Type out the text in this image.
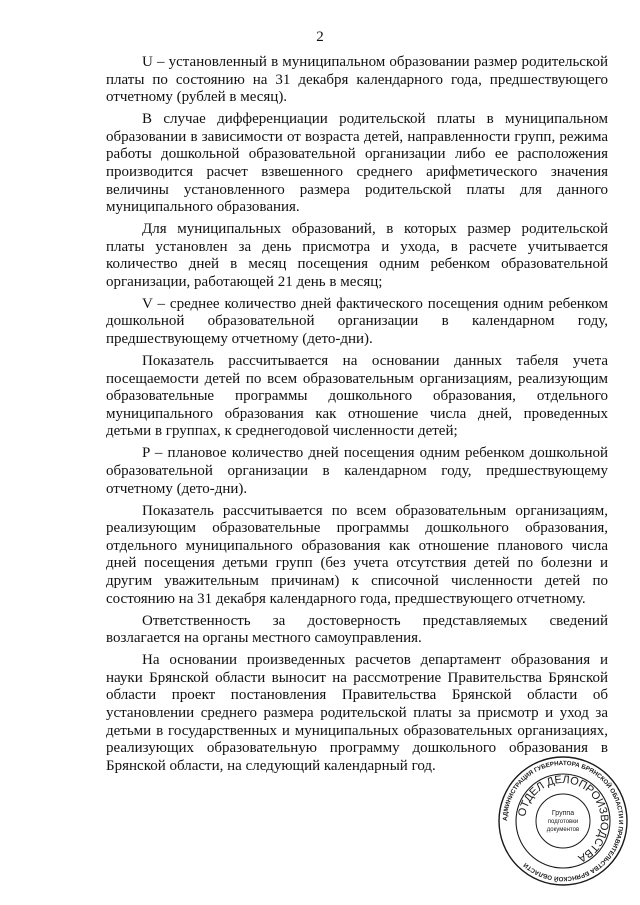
2

U – установленный в муниципальном образовании размер родительской платы по состоянию на 31 декабря календарного года, предшествующего отчетному (рублей в месяц).

В случае дифференциации родительской платы в муниципальном образовании в зависимости от возраста детей, направленности групп, режима работы дошкольной образовательной организации либо ее расположения производится расчет взвешенного среднего арифметического значения величины установленного размера родительской платы для данного муниципального образования.

Для муниципальных образований, в которых размер родительской платы установлен за день присмотра и ухода, в расчете учитывается количество дней в месяц посещения одним ребенком образовательной организации, работающей 21 день в месяц;

V – среднее количество дней фактического посещения одним ребенком дошкольной образовательной организации в календарном году, предшествующему отчетному (дето-дни).

Показатель рассчитывается на основании данных табеля учета посещаемости детей по всем образовательным организациям, реализующим образовательные программы дошкольного образования, отдельного муниципального образования как отношение числа дней, проведенных детьми в группах, к среднегодовой численности детей;

P – плановое количество дней посещения одним ребенком дошкольной образовательной организации в календарном году, предшествующему отчетному (дето-дни).

Показатель рассчитывается по всем образовательным организациям, реализующим образовательные программы дошкольного образования, отдельного муниципального образования как отношение планового числа дней посещения детьми групп (без учета отсутствия детей по болезни и другим уважительным причинам) к списочной численности детей по состоянию на 31 декабря календарного года, предшествующего отчетному.

Ответственность за достоверность представляемых сведений возлагается на органы местного самоуправления.

На основании произведенных расчетов департамент образования и науки Брянской области выносит на рассмотрение Правительства Брянской области проект постановления Правительства Брянской области об установлении среднего размера родительской платы за присмотр и уход за детьми в государственных и муниципальных образовательных организациях, реализующих образовательную программу дошкольного образования в Брянской области, на следующий календарный год.

АДМИНИСТРАЦИЯ ГУБЕРНАТОРА БРЯНСКОЙ ОБЛАСТИ И ПРАВИТЕЛЬСТВА БРЯНСКОЙ ОБЛАСТИ
ОТДЕЛ ДЕЛОПРОИЗВОДСТВА
Группа
подготовки
документов
